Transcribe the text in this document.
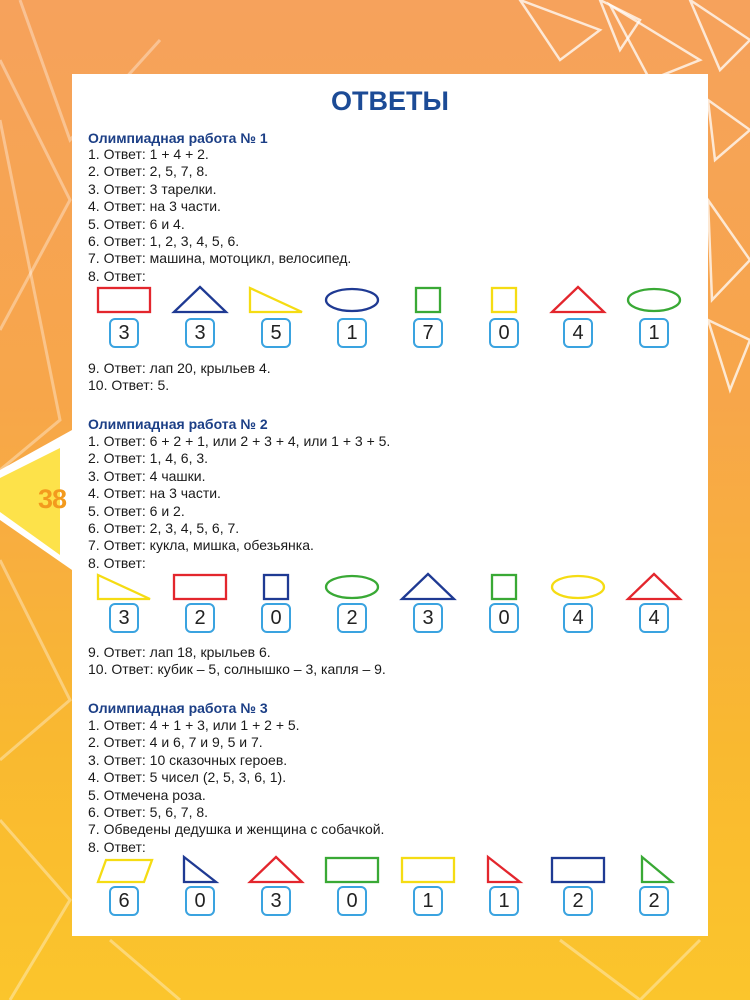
38
ОТВЕТЫ
Олимпиадная работа № 1
1. Ответ: 1 + 4 + 2.
2. Ответ: 2, 5, 7, 8.
3. Ответ: 3 тарелки.
4. Ответ: на 3 части.
5. Ответ: 6 и 4.
6. Ответ: 1, 2, 3, 4, 5, 6.
7. Ответ: машина, мотоцикл, велосипед.
8. Ответ:
3	3	5	1	7	0	4	1
9. Ответ: лап 20, крыльев 4.
10. Ответ: 5.
Олимпиадная работа № 2
1. Ответ: 6 + 2 + 1, или 2 + 3 + 4, или 1 + 3 + 5.
2. Ответ: 1, 4, 6, 3.
3. Ответ: 4 чашки.
4. Ответ: на 3 части.
5. Ответ: 6 и 2.
6. Ответ: 2, 3, 4, 5, 6, 7.
7. Ответ: кукла, мишка, обезьянка.
8. Ответ:
3	2	0	2	3	0	4	4
9. Ответ: лап 18, крыльев 6.
10. Ответ: кубик – 5, солнышко – 3, капля – 9.
Олимпиадная работа № 3
1. Ответ: 4 + 1 + 3, или 1 + 2 + 5.
2. Ответ: 4 и 6, 7 и 9, 5 и 7.
3. Ответ: 10 сказочных героев.
4. Ответ: 5 чисел (2, 5, 3, 6, 1).
5. Отмечена роза.
6. Ответ: 5, 6, 7, 8.
7. Обведены дедушка и женщина с собачкой.
8. Ответ:
6	0	3	0	1	1	2	2
